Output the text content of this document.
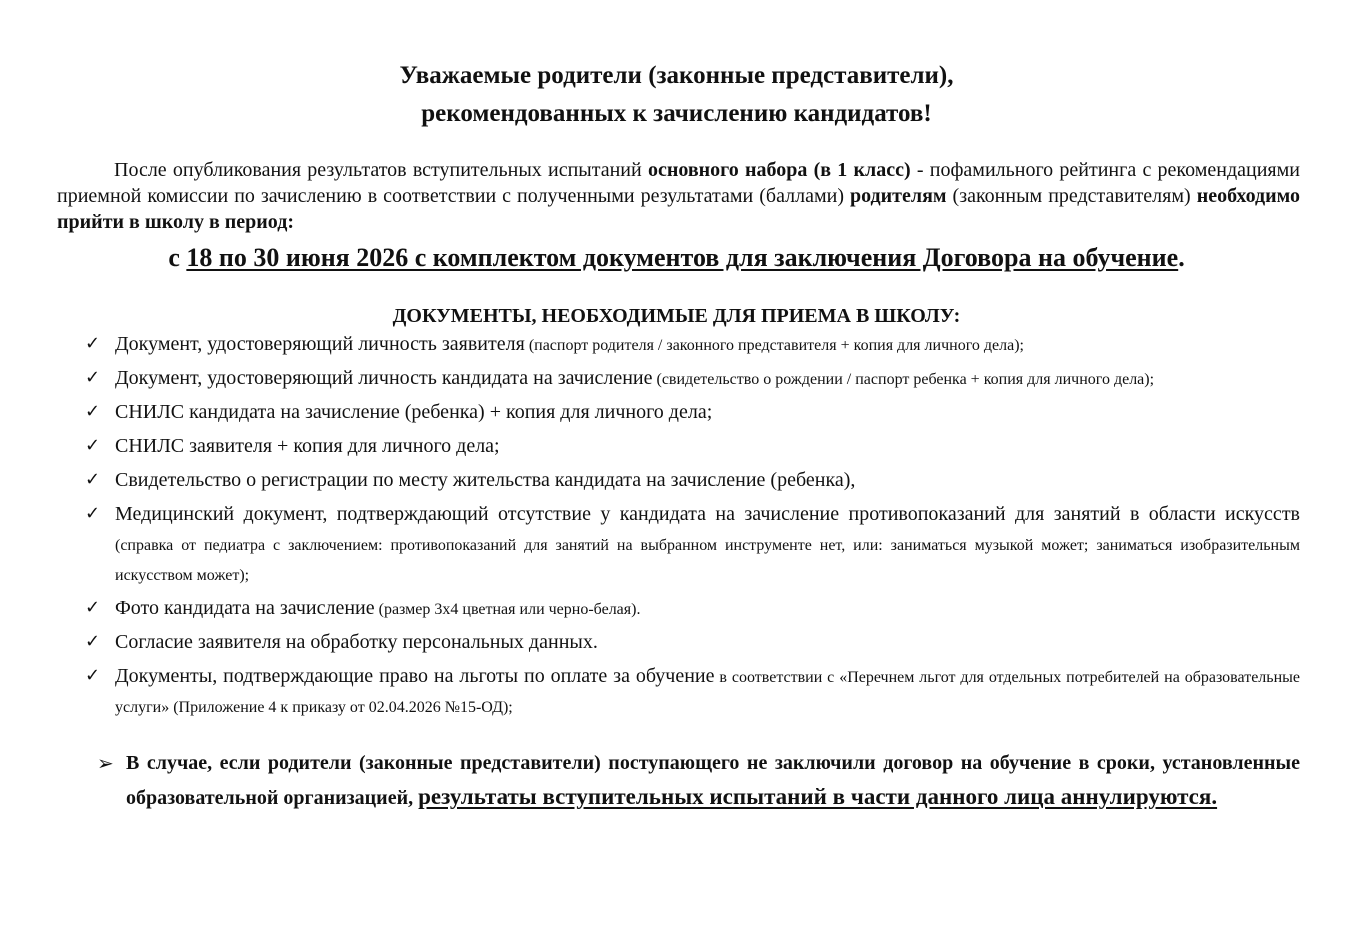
Уважаемые родители (законные представители),
рекомендованных к зачислению кандидатов!

После опубликования результатов вступительных испытаний основного набора (в 1 класс) - пофамильного рейтинга с рекомендациями приемной комиссии по зачислению в соответствии с полученными результатами (баллами) родителям (законным представителям) необходимо прийти в школу в период:

с 18 по 30 июня 2026 с комплектом документов для заключения Договора на обучение.

ДОКУМЕНТЫ, НЕОБХОДИМЫЕ ДЛЯ ПРИЕМА В ШКОЛУ:
✓ Документ, удостоверяющий личность заявителя (паспорт родителя / законного представителя + копия для личного дела);
✓ Документ, удостоверяющий личность кандидата на зачисление (свидетельство о рождении / паспорт ребенка + копия для личного дела);
✓ СНИЛС кандидата на зачисление (ребенка) + копия для личного дела;
✓ СНИЛС заявителя + копия для личного дела;
✓ Свидетельство о регистрации по месту жительства кандидата на зачисление (ребенка),
✓ Медицинский документ, подтверждающий отсутствие у кандидата на зачисление противопоказаний для занятий в области искусств (справка от педиатра с заключением: противопоказаний для занятий на выбранном инструменте нет, или: заниматься музыкой может; заниматься изобразительным искусством может);
✓ Фото кандидата на зачисление (размер 3х4 цветная или черно-белая).
✓ Согласие заявителя на обработку персональных данных.
✓ Документы, подтверждающие право на льготы по оплате за обучение в соответствии с «Перечнем льгот для отдельных потребителей на образовательные услуги» (Приложение 4 к приказу от 02.04.2026 №15-ОД);
➢ В случае, если родители (законные представители) поступающего не заключили договор на обучение в сроки, установленные образовательной организацией, результаты вступительных испытаний в части данного лица аннулируются.
